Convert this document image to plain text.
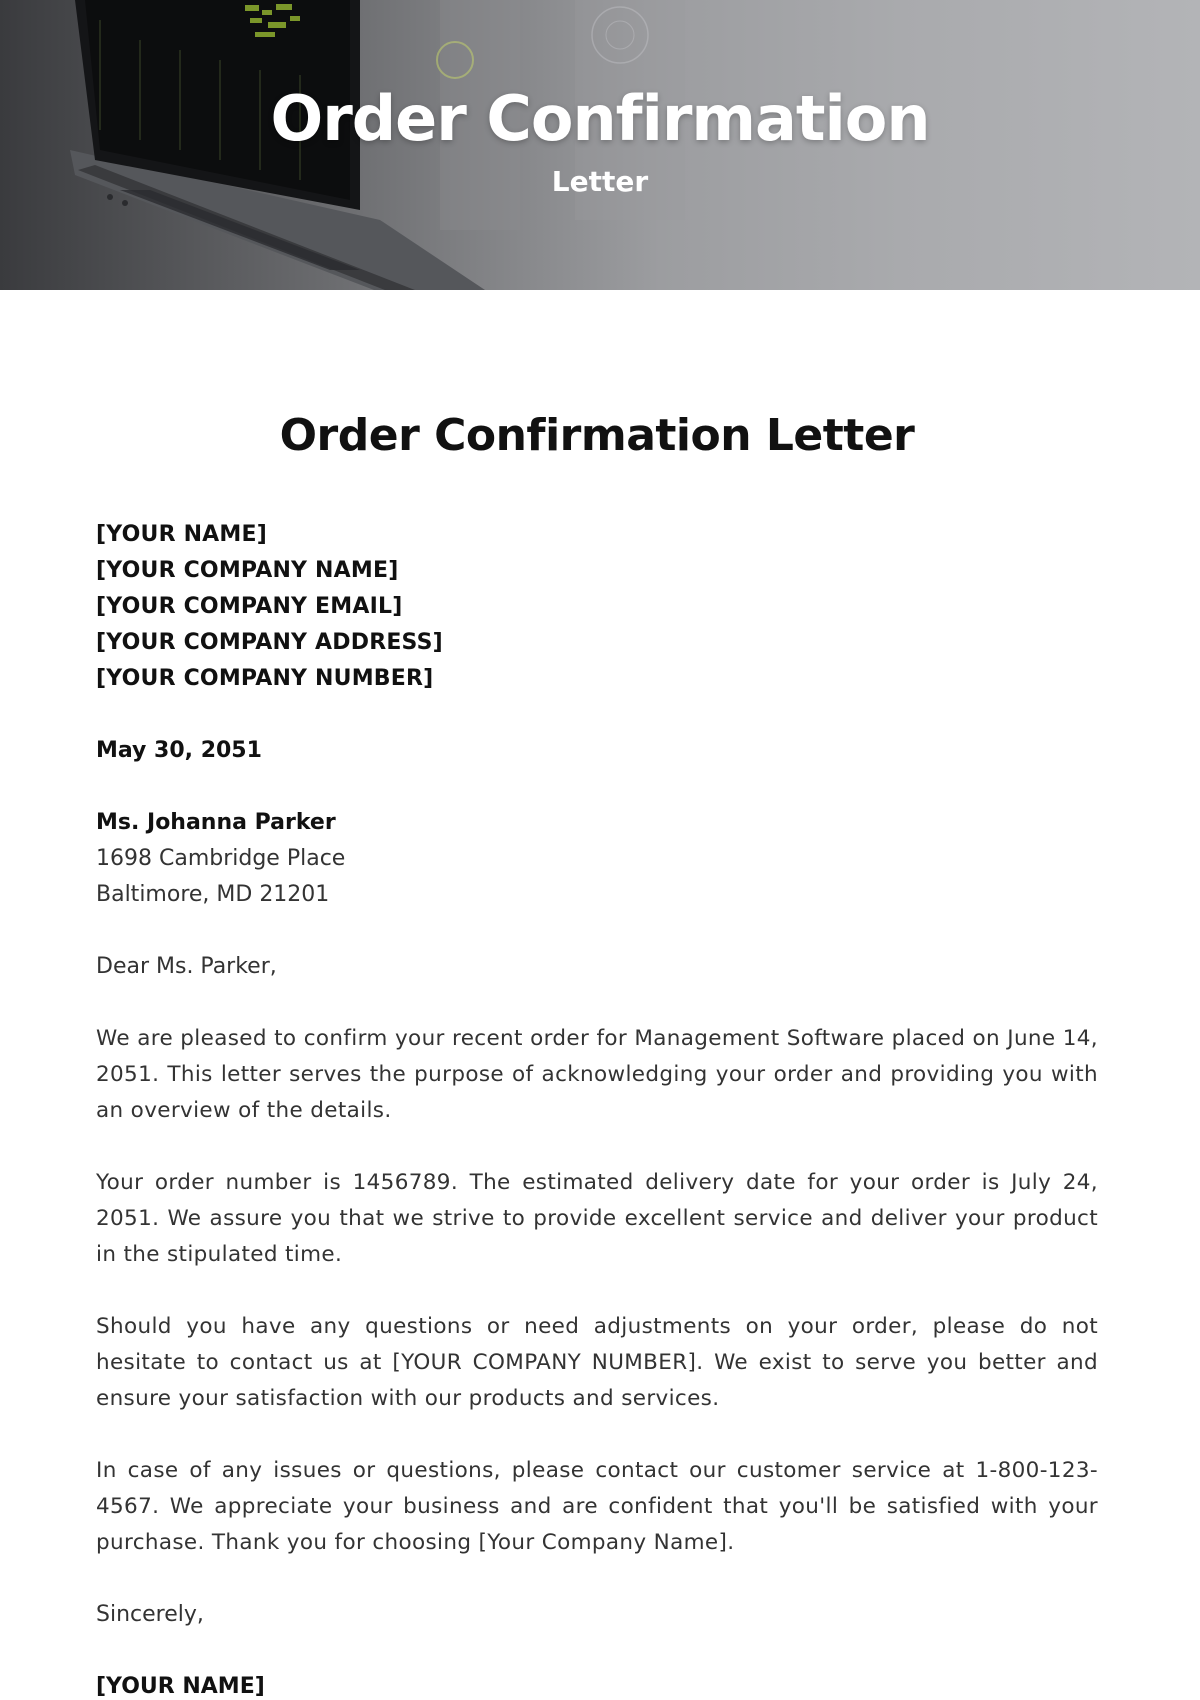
Order Confirmation
Letter
Order Confirmation Letter
[YOUR NAME]
[YOUR COMPANY NAME]
[YOUR COMPANY EMAIL]
[YOUR COMPANY ADDRESS]
[YOUR COMPANY NUMBER]
May 30, 2051
Ms. Johanna Parker
1698 Cambridge Place
Baltimore, MD 21201
Dear Ms. Parker,

We are pleased to confirm your recent order for Management Software placed on June 14, 2051. This letter serves the purpose of acknowledging your order and providing you with an overview of the details.

Your order number is 1456789. The estimated delivery date for your order is July 24, 2051. We assure you that we strive to provide excellent service and deliver your product in the stipulated time.

Should you have any questions or need adjustments on your order, please do not hesitate to contact us at [YOUR COMPANY NUMBER]. We exist to serve you better and ensure your satisfaction with our products and services.

In case of any issues or questions, please contact our customer service at 1-800-123-4567. We appreciate your business and are confident that you'll be satisfied with your purchase. Thank you for choosing [Your Company Name].

Sincerely,
[YOUR NAME]
